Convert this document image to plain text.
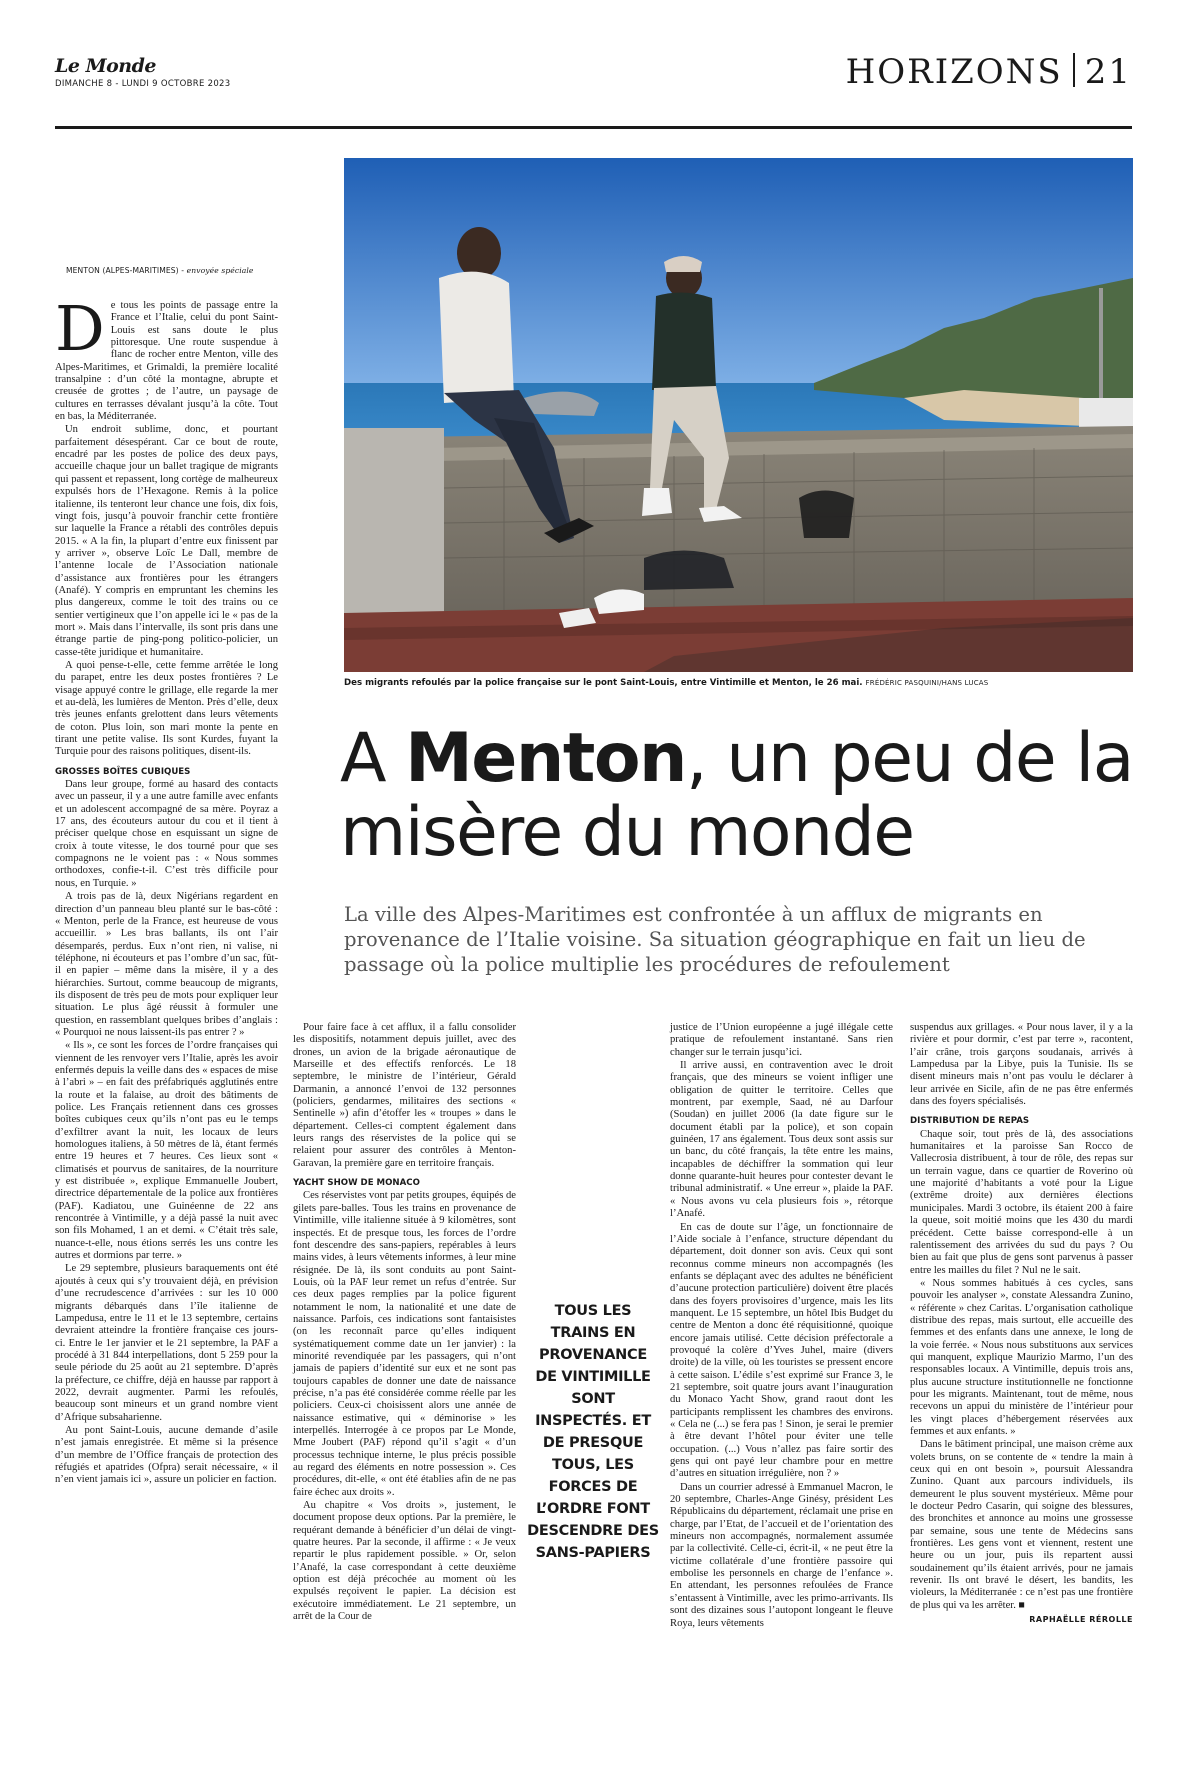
Le Monde
DIMANCHE 8 - LUNDI 9 OCTOBRE 2023	HORIZONS 21
Des migrants refoulés par la police française sur le pont Saint-Louis, entre Vintimille et Menton, le 26 mai. FRÉDÉRIC PASQUINI/HANS LUCAS
A Menton, un peu de la misère du monde
La ville des Alpes-Maritimes est confrontée à un afflux de migrants en provenance de l’Italie voisine. Sa situation géographique en fait un lieu de passage où la police multiplie les procédures de refoulement
MENTON (ALPES-MARITIMES) - envoyée spéciale
D e tous les points de passage entre la France et l’Italie, celui du pont Saint-Louis est sans doute le plus pittoresque. Une route suspendue à flanc de rocher entre Menton, ville des Alpes-Maritimes, et Grimaldi, la première localité transalpine : d’un côté la montagne, abrupte et creusée de grottes ; de l’autre, un paysage de cultures en terrasses dévalant jusqu’à la côte. Tout en bas, la Méditerranée.

Un endroit sublime, donc, et pourtant parfaitement désespérant. Car ce bout de route, encadré par les postes de police des deux pays, accueille chaque jour un ballet tragique de migrants qui passent et repassent, long cortège de malheureux expulsés hors de l’Hexagone. Remis à la police italienne, ils tenteront leur chance une fois, dix fois, vingt fois, jusqu’à pouvoir franchir cette frontière sur laquelle la France a rétabli des contrôles depuis 2015. « A la fin, la plupart d’entre eux finissent par y arriver », observe Loïc Le Dall, membre de l’antenne locale de l’Association nationale d’assistance aux frontières pour les étrangers (Anafé). Y compris en empruntant les chemins les plus dangereux, comme le toit des trains ou ce sentier vertigineux que l’on appelle ici le « pas de la mort ». Mais dans l’intervalle, ils sont pris dans une étrange partie de ping-pong politico-policier, un casse-tête juridique et humanitaire.

A quoi pense-t-elle, cette femme arrêtée le long du parapet, entre les deux postes frontières ? Le visage appuyé contre le grillage, elle regarde la mer et au-delà, les lumières de Menton. Près d’elle, deux très jeunes enfants grelottent dans leurs vêtements de coton. Plus loin, son mari monte la pente en tirant une petite valise. Ils sont Kurdes, fuyant la Turquie pour des raisons politiques, disent-ils.

GROSSES BOÎTES CUBIQUES

Dans leur groupe, formé au hasard des contacts avec un passeur, il y a une autre famille avec enfants et un adolescent accompagné de sa mère. Poyraz a 17 ans, des écouteurs autour du cou et il tient à préciser quelque chose en esquissant un signe de croix à toute vitesse, le dos tourné pour que ses compagnons ne le voient pas : « Nous sommes orthodoxes, confie-t-il. C’est très difficile pour nous, en Turquie. »

A trois pas de là, deux Nigérians regardent en direction d’un panneau bleu planté sur le bas-côté : « Menton, perle de la France, est heureuse de vous accueillir. » Les bras ballants, ils ont l’air désemparés, perdus. Eux n’ont rien, ni valise, ni téléphone, ni écouteurs et pas l’ombre d’un sac, fût-il en papier – même dans la misère, il y a des hiérarchies. Surtout, comme beaucoup de migrants, ils disposent de très peu de mots pour expliquer leur situation. Le plus âgé réussit à formuler une question, en rassemblant quelques bribes d’anglais : « Pourquoi ne nous laissent-ils pas entrer ? »

« Ils », ce sont les forces de l’ordre françaises qui viennent de les renvoyer vers l’Italie, après les avoir enfermés depuis la veille dans des « espaces de mise à l’abri » – en fait des préfabriqués agglutinés entre la route et la falaise, au droit des bâtiments de police. Les Français retiennent dans ces grosses boîtes cubiques ceux qu’ils n’ont pas eu le temps d’exfiltrer avant la nuit, les locaux de leurs homologues italiens, à 50 mètres de là, étant fermés entre 19 heures et 7 heures. Ces lieux sont « climatisés et pourvus de sanitaires, de la nourriture y est distribuée », explique Emmanuelle Joubert, directrice départementale de la police aux frontières (PAF). Kadiatou, une Guinéenne de 22 ans rencontrée à Vintimille, y a déjà passé la nuit avec son fils Mohamed, 1 an et demi. « C’était très sale, nuance-t-elle, nous étions serrés les uns contre les autres et dormions par terre. »

Le 29 septembre, plusieurs baraquements ont été ajoutés à ceux qui s’y trouvaient déjà, en prévision d’une recrudescence d’arrivées : sur les 10 000 migrants débarqués dans l’île italienne de Lampedusa, entre le 11 et le 13 septembre, certains devraient atteindre la frontière française ces jours-ci. Entre le 1er janvier et le 21 septembre, la PAF a procédé à 31 844 interpellations, dont 5 259 pour la seule période du 25 août au 21 septembre. D’après la préfecture, ce chiffre, déjà en hausse par rapport à 2022, devrait augmenter. Parmi les refoulés, beaucoup sont mineurs et un grand nombre vient d’Afrique subsaharienne.

Au pont Saint-Louis, aucune demande d’asile n’est jamais enregistrée. Et même si la présence d’un membre de l’Office français de protection des réfugiés et apatrides (Ofpra) serait nécessaire, « il n’en vient jamais ici », assure un policier en faction.

Pour faire face à cet afflux, il a fallu consolider les dispositifs, notamment depuis juillet, avec des drones, un avion de la brigade aéronautique de Marseille et des effectifs renforcés. Le 18 septembre, le ministre de l’intérieur, Gérald Darmanin, a annoncé l’envoi de 132 personnes (policiers, gendarmes, militaires des sections « Sentinelle ») afin d’étoffer les « troupes » dans le département. Celles-ci comptent également dans leurs rangs des réservistes de la police qui se relaient pour assurer des contrôles à Menton-Garavan, la première gare en territoire français.

YACHT SHOW DE MONACO

Ces réservistes vont par petits groupes, équipés de gilets pare-balles. Tous les trains en provenance de Vintimille, ville italienne située à 9 kilomètres, sont inspectés. Et de presque tous, les forces de l’ordre font descendre des sans-papiers, repérables à leurs mains vides, à leurs vêtements informes, à leur mine résignée. De là, ils sont conduits au pont Saint-Louis, où la PAF leur remet un refus d’entrée. Sur ces deux pages remplies par la police figurent notamment le nom, la nationalité et une date de naissance. Parfois, ces indications sont fantaisistes (on les reconnaît parce qu’elles indiquent systématiquement comme date un 1er janvier) : la minorité revendiquée par les passagers, qui n’ont jamais de papiers d’identité sur eux et ne sont pas toujours capables de donner une date de naissance précise, n’a pas été considérée comme réelle par les policiers. Ceux-ci choisissent alors une année de naissance estimative, qui « déminorise » les interpellés. Interrogée à ce propos par Le Monde, Mme Joubert (PAF) répond qu’il s’agit « d’un processus technique interne, le plus précis possible au regard des éléments en notre possession ». Ces procédures, dit-elle, « ont été établies afin de ne pas faire échec aux droits ».

Au chapitre « Vos droits », justement, le document propose deux options. Par la première, le requérant demande à bénéficier d’un délai de vingt-quatre heures. Par la seconde, il affirme : « Je veux repartir le plus rapidement possible. » Or, selon l’Anafé, la case correspondant à cette deuxième option est déjà précochée au moment où les expulsés reçoivent le papier. La décision est exécutoire immédiatement. Le 21 septembre, un arrêt de la Cour de

justice de l’Union européenne a jugé illégale cette pratique de refoulement instantané. Sans rien changer sur le terrain jusqu’ici.

Il arrive aussi, en contravention avec le droit français, que des mineurs se voient infliger une obligation de quitter le territoire. Celles que montrent, par exemple, Saad, né au Darfour (Soudan) en juillet 2006 (la date figure sur le document établi par la police), et son copain guinéen, 17 ans également. Tous deux sont assis sur un banc, du côté français, la tête entre les mains, incapables de déchiffrer la sommation qui leur donne quarante-huit heures pour contester devant le tribunal administratif. « Une erreur », plaide la PAF. « Nous avons vu cela plusieurs fois », rétorque l’Anafé.

En cas de doute sur l’âge, un fonctionnaire de l’Aide sociale à l’enfance, structure dépendant du département, doit donner son avis. Ceux qui sont reconnus comme mineurs non accompagnés (les enfants se déplaçant avec des adultes ne bénéficient d’aucune protection particulière) doivent être placés dans des foyers provisoires d’urgence, mais les lits manquent. Le 15 septembre, un hôtel Ibis Budget du centre de Menton a donc été réquisitionné, quoique encore jamais utilisé. Cette décision préfectorale a provoqué la colère d’Yves Juhel, maire (divers droite) de la ville, où les touristes se pressent encore à cette saison. L’édile s’est exprimé sur France 3, le 21 septembre, soit quatre jours avant l’inauguration du Monaco Yacht Show, grand raout dont les participants remplissent les chambres des environs. « Cela ne (...) se fera pas ! Sinon, je serai le premier à être devant l’hôtel pour éviter une telle occupation. (...) Vous n’allez pas faire sortir des gens qui ont payé leur chambre pour en mettre d’autres en situation irrégulière, non ? »

Dans un courrier adressé à Emmanuel Macron, le 20 septembre, Charles-Ange Ginésy, président Les Républicains du département, réclamait une prise en charge, par l’Etat, de l’accueil et de l’orientation des mineurs non accompagnés, normalement assumée par la collectivité. Celle-ci, écrit-il, « ne peut être la victime collatérale d’une frontière passoire qui embolise les personnels en charge de l’enfance ». En attendant, les personnes refoulées de France s’entassent à Vintimille, avec les primo-arrivants. Ils sont des dizaines sous l’autopont longeant le fleuve Roya, leurs vêtements

suspendus aux grillages. « Pour nous laver, il y a la rivière et pour dormir, c’est par terre », racontent, l’air crâne, trois garçons soudanais, arrivés à Lampedusa par la Libye, puis la Tunisie. Ils se disent mineurs mais n’ont pas voulu le déclarer à leur arrivée en Sicile, afin de ne pas être enfermés dans des foyers spécialisés.

DISTRIBUTION DE REPAS

Chaque soir, tout près de là, des associations humanitaires et la paroisse San Rocco de Vallecrosia distribuent, à tour de rôle, des repas sur un terrain vague, dans ce quartier de Roverino où une majorité d’habitants a voté pour la Ligue (extrême droite) aux dernières élections municipales. Mardi 3 octobre, ils étaient 200 à faire la queue, soit moitié moins que les 430 du mardi précédent. Cette baisse correspond-elle à un ralentissement des arrivées du sud du pays ? Ou bien au fait que plus de gens sont parvenus à passer entre les mailles du filet ? Nul ne le sait.

« Nous sommes habitués à ces cycles, sans pouvoir les analyser », constate Alessandra Zunino, « référente » chez Caritas. L’organisation catholique distribue des repas, mais surtout, elle accueille des femmes et des enfants dans une annexe, le long de la voie ferrée. « Nous nous substituons aux services qui manquent, explique Maurizio Marmo, l’un des responsables locaux. A Vintimille, depuis trois ans, plus aucune structure institutionnelle ne fonctionne pour les migrants. Maintenant, tout de même, nous recevons un appui du ministère de l’intérieur pour les vingt places d’hébergement réservées aux femmes et aux enfants. »

Dans le bâtiment principal, une maison crème aux volets bruns, on se contente de « tendre la main à ceux qui en ont besoin », poursuit Alessandra Zunino. Quant aux parcours individuels, ils demeurent le plus souvent mystérieux. Même pour le docteur Pedro Casarin, qui soigne des blessures, des bronchites et annonce au moins une grossesse par semaine, sous une tente de Médecins sans frontières. Les gens vont et viennent, restent une heure ou un jour, puis ils repartent aussi soudainement qu’ils étaient arrivés, pour ne jamais revenir. Ils ont bravé le désert, les bandits, les violeurs, la Méditerranée : ce n’est pas une frontière de plus qui va les arrêter. ■

RAPHAËLLE RÉROLLE
TOUS LES TRAINS EN PROVENANCE DE VINTIMILLE SONT INSPECTÉS. ET DE PRESQUE TOUS, LES FORCES DE L’ORDRE FONT DESCENDRE DES SANS-PAPIERS
